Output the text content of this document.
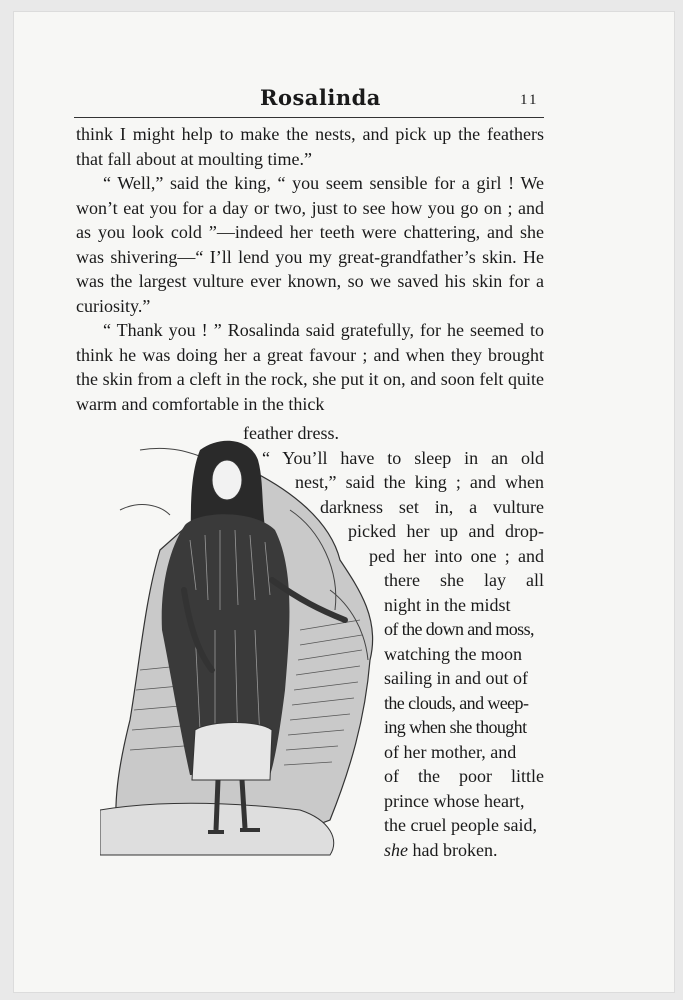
Rosalinda	11

think I might help to make the nests, and pick up the feathers that fall about at moulting time.”

“ Well,” said the king, “ you seem sensible for a girl ! We won’t eat you for a day or two, just to see how you go on ; and as you look cold ”—indeed her teeth were chattering, and she was shivering—“ I’ll lend you my great-grandfather’s skin. He was the largest vulture ever known, so we saved his skin for a curiosity.”

“ Thank you ! ” Rosalinda said gratefully, for he seemed to think he was doing her a great favour ; and when they brought the skin from a cleft in the rock, she put it on, and soon felt quite warm and comfortable in the thick

feather dress.
“ You’ll have to sleep in an old
nest,” said the king ; and when
darkness set in, a vulture
picked her up and drop-
ped her into one ; and
there she lay all
night in the midst
of the down and moss,
watching the moon
sailing in and out of
the clouds, and weep-
ing when she thought
of her mother, and
of the poor little
prince whose heart,
the cruel people said,
she had broken.
